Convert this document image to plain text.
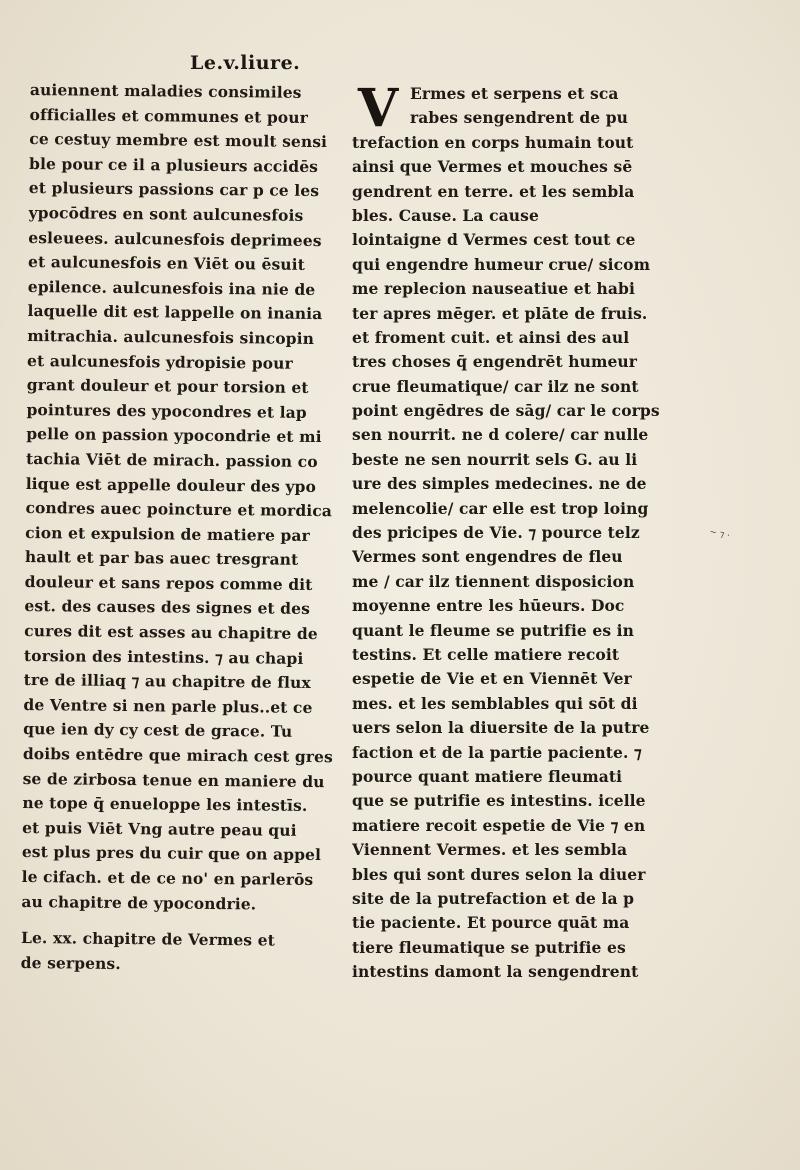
Le.v.liure.
auiennent maladies consimiles
officialles et communes et pour
ce cestuy membre est moult sensi
ble pour ce il a plusieurs accidēs
et plusieurs passions car p ce les
ypocōdres en sont aulcunesfois
esleuees. aulcunesfois deprimees
et aulcunesfois en Viēt ou ēsuit
epilence. aulcunesfois ina nie de
laquelle dit est lappelle on inania
mitrachia. aulcunesfois sincopin
et aulcunesfois ydropisie pour
grant douleur et pour torsion et
pointures des ypocondres et lap
pelle on passion ypocondrie et mi
tachia Viēt de mirach. passion co
lique est appelle douleur des ypo
condres auec poincture et mordica
cion et expulsion de matiere par
hault et par bas auec tresgrant
douleur et sans repos comme dit
est. des causes des signes et des
cures dit est asses au chapitre de
torsion des intestins. ⁊ au chapi
tre de illiaq ⁊ au chapitre de flux
de Ventre si nen parle plus..et ce
que ien dy cy cest de grace. Tu
doibs entēdre que mirach cest gres
se de zirbosa tenue en maniere du
ne tope q̄ enueloppe les intestīs.
et puis Viēt Vng autre peau qui
est plus pres du cuir que on appel
le cifach. et de ce no' en parlerōs
au chapitre de ypocondrie.
Le. xx. chapitre de Vermes et
de serpens.
V Ermes et serpens et sca
rabes sengendrent de pu
trefaction en corps humain tout
ainsi que Vermes et mouches sē
gendrent en terre. et les sembla
bles. Cause. La cause
lointaigne d Vermes cest tout ce
qui engendre humeur crue/ sicom
me replecion nauseatiue et habi
ter apres mēger. et plāte de fruis.
et froment cuit. et ainsi des aul
tres choses q̄ engendrēt humeur
crue fleumatique/ car ilz ne sont
point engēdres de sāg/ car le corps
sen nourrit. ne d colere/ car nulle
beste ne sen nourrit sels G. au li
ure des simples medecines. ne de
melencolie/ car elle est trop loing
des pricipes de Vie. ⁊ pource telz
Vermes sont engendres de fleu
me / car ilz tiennent disposicion
moyenne entre les hūeurs. Doc
quant le fleume se putrifie es in
testins. Et celle matiere recoit
espetie de Vie et en Viennēt Ver
mes. et les semblables qui sōt di
uers selon la diuersite de la putre
faction et de la partie paciente. ⁊
pource quant matiere fleumati
que se putrifie es intestins. icelle
matiere recoit espetie de Vie ⁊ en
Viennent Vermes. et les sembla
bles qui sont dures selon la diuer
site de la putrefaction et de la p
tie paciente. Et pource quāt ma
tiere fleumatique se putrifie es
intestins damont la sengendrent
~ ⁊ ·
